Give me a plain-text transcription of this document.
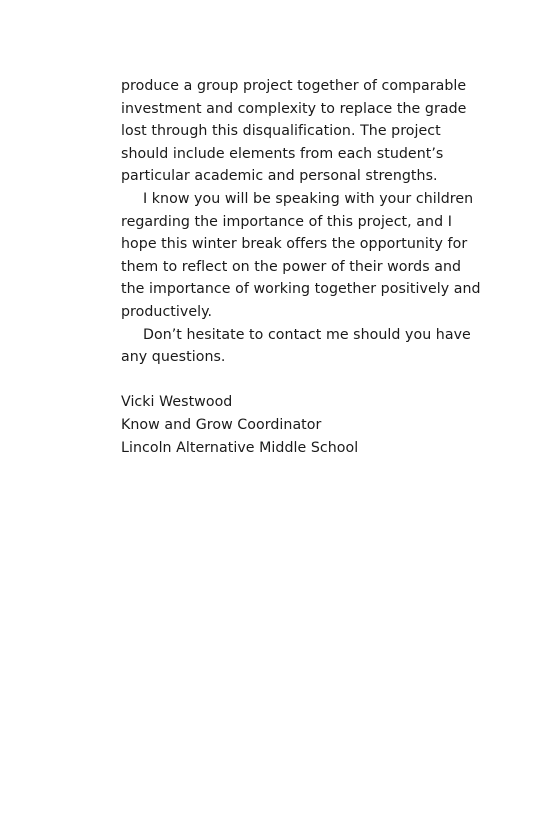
produce a group project together of comparable
investment and complexity to replace the grade
lost through this disqualification. The project
should include elements from each student’s
particular academic and personal strengths.
I know you will be speaking with your children
regarding the importance of this project, and I
hope this winter break offers the opportunity for
them to reflect on the power of their words and
the importance of working together positively and
productively.
Don’t hesitate to contact me should you have
any questions.
Vicki Westwood
Know and Grow Coordinator
Lincoln Alternative Middle School
